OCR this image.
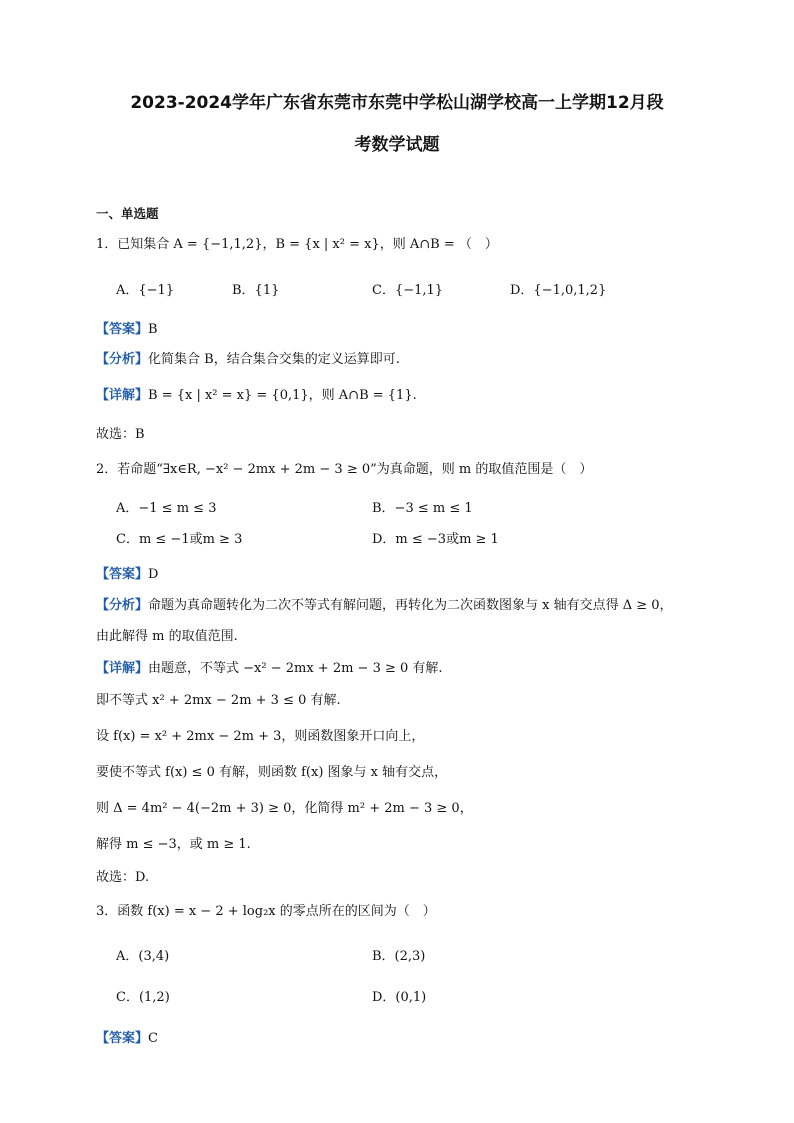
2023-2024学年广东省东莞市东莞中学松山湖学校高一上学期12月段
考数学试题
一、单选题
1．已知集合 A = {−1,1,2}，B = {x | x² = x}，则 A∩B = （　）
A．{−1}	B．{1}	C．{−1,1}	D．{−1,0,1,2}
【答案】B
【分析】化简集合 B，结合集合交集的定义运算即可.
【详解】B = {x | x² = x} = {0,1}，则 A∩B = {1}.
故选：B
2．若命题“∃x∈R, −x² − 2mx + 2m − 3 ≥ 0”为真命题，则 m 的取值范围是（　）
A．−1 ≤ m ≤ 3	B．−3 ≤ m ≤ 1
C．m ≤ −1或m ≥ 3	D．m ≤ −3或m ≥ 1
【答案】D
【分析】命题为真命题转化为二次不等式有解问题，再转化为二次函数图象与 x 轴有交点得 Δ ≥ 0，
由此解得 m 的取值范围.
【详解】由题意，不等式 −x² − 2mx + 2m − 3 ≥ 0 有解.
即不等式 x² + 2mx − 2m + 3 ≤ 0 有解.
设 f(x) = x² + 2mx − 2m + 3，则函数图象开口向上，
要使不等式 f(x) ≤ 0 有解，则函数 f(x) 图象与 x 轴有交点，
则 Δ = 4m² − 4(−2m + 3) ≥ 0，化简得 m² + 2m − 3 ≥ 0，
解得 m ≤ −3，或 m ≥ 1.
故选：D.
3．函数 f(x) = x − 2 + log₂x 的零点所在的区间为（　）
A．(3,4)	B．(2,3)
C．(1,2)	D．(0,1)
【答案】C
